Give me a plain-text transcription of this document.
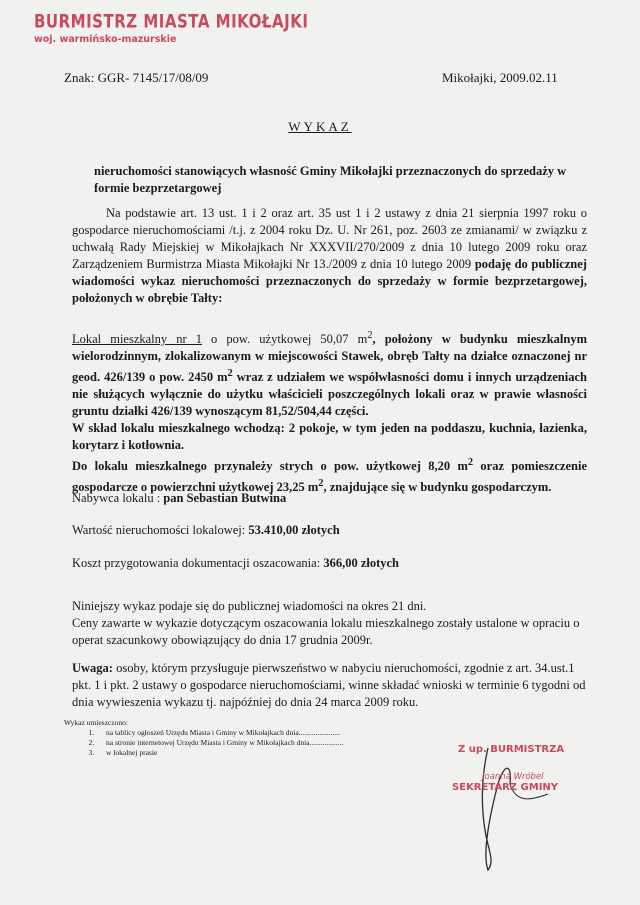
BURMISTRZ MIASTA MIKOŁAJKI
woj. warmińsko-mazurskie
Znak: GGR- 7145/17/08/09	Mikołajki, 2009.02.11
WYKAZ
nieruchomości stanowiących własność Gminy Mikołajki przeznaczonych do sprzedaży w formie bezprzetargowej
Na podstawie art. 13 ust. 1 i 2 oraz art. 35 ust 1 i 2 ustawy z dnia 21 sierpnia 1997 roku o gospodarce nieruchomościami /t.j. z 2004 roku Dz. U. Nr 261, poz. 2603 ze zmianami/ w związku z uchwałą Rady Miejskiej w Mikołajkach Nr XXXVII/270/2009 z dnia 10 lutego 2009 roku oraz Zarządzeniem Burmistrza Miasta Mikołajki Nr 13./2009 z dnia 10 lutego 2009 podaję do publicznej wiadomości wykaz nieruchomości przeznaczonych do sprzedaży w formie bezprzetargowej, położonych w obrębie Tałty:
Lokal mieszkalny nr 1 o pow. użytkowej 50,07 $m^2$, położony w budynku mieszkalnym wielorodzinnym, zlokalizowanym w miejscowości Stawek, obręb Tałty na działce oznaczonej nr geod. 426/139 o pow. 2450 $m^2$ wraz z udziałem we współwłasności domu i innych urządzeniach nie służących wyłącznie do użytku właścicieli poszczególnych lokali oraz w prawie własności gruntu działki 426/139 wynoszącym 81,52/504,44 części.
W skład lokalu mieszkalnego wchodzą: 2 pokoje, w tym jeden na poddaszu, kuchnia, łazienka, korytarz i kotłownia.
Do lokalu mieszkalnego przynależy strych o pow. użytkowej 8,20 $m^2$ oraz pomieszczenie gospodarcze o powierzchni użytkowej 23,25 $m^2$, znajdujące się w budynku gospodarczym.
Nabywca lokalu : pan Sebastian Butwina
Wartość nieruchomości lokalowej: 53.410,00 złotych
Koszt przygotowania dokumentacji oszacowania: 366,00 złotych
Niniejszy wykaz podaje się do publicznej wiadomości na okres 21 dni.
Ceny zawarte w wykazie dotyczącym oszacowania lokalu mieszkalnego zostały ustalone w opraciu o operat szacunkowy obowiązujący do dnia 17 grudnia 2009r.
Uwaga: osoby, którym przysługuje pierwszeństwo w nabyciu nieruchomości, zgodnie z art. 34.ust.1 pkt. 1 i pkt. 2 ustawy o gospodarce nieruchomościami, winne składać wnioski w terminie 6 tygodni od dnia wywieszenia wykazu tj. najpóźniej do dnia 24 marca 2009 roku.
Wykaz umieszczono:
1. na tablicy ogłoszeń Urzędu Miasta i Gminy w Mikołajkach dnia......................
2. na stronie internetowej Urzędu Miasta i Gminy w Mikołajkach dnia..................
3. w lokalnej prasie	Z up. BURMISTRZA
Joanna Wróbel
SEKRETARZ GMINY
